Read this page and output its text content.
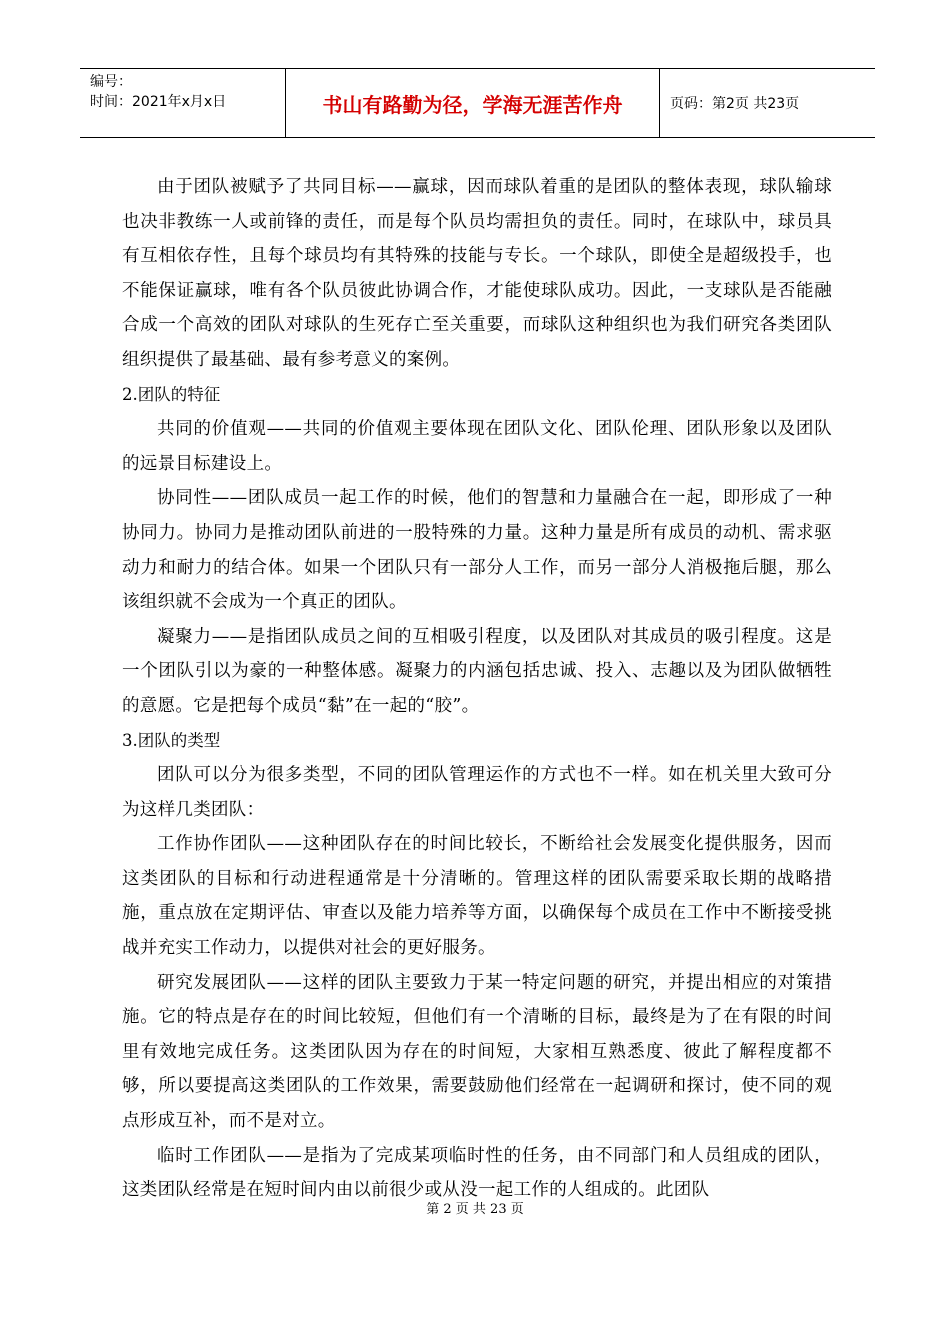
编号：
时间：2021年x月x日	书山有路勤为径，学海无涯苦作舟	页码：第2页 共23页

由于团队被赋予了共同目标——赢球，因而球队着重的是团队的整体表现，球队输球也决非教练一人或前锋的责任，而是每个队员均需担负的责任。同时，在球队中，球员具有互相依存性，且每个球员均有其特殊的技能与专长。一个球队，即使全是超级投手，也不能保证赢球，唯有各个队员彼此协调合作，才能使球队成功。因此，一支球队是否能融合成一个高效的团队对球队的生死存亡至关重要，而球队这种组织也为我们研究各类团队组织提供了最基础、最有参考意义的案例。

2.团队的特征

共同的价值观——共同的价值观主要体现在团队文化、团队伦理、团队形象以及团队的远景目标建设上。

协同性——团队成员一起工作的时候，他们的智慧和力量融合在一起，即形成了一种协同力。协同力是推动团队前进的一股特殊的力量。这种力量是所有成员的动机、需求驱动力和耐力的结合体。如果一个团队只有一部分人工作，而另一部分人消极拖后腿，那么该组织就不会成为一个真正的团队。

凝聚力——是指团队成员之间的互相吸引程度，以及团队对其成员的吸引程度。这是一个团队引以为豪的一种整体感。凝聚力的内涵包括忠诚、投入、志趣以及为团队做牺牲的意愿。它是把每个成员“黏”在一起的“胶”。

3.团队的类型

团队可以分为很多类型，不同的团队管理运作的方式也不一样。如在机关里大致可分为这样几类团队：

工作协作团队——这种团队存在的时间比较长，不断给社会发展变化提供服务，因而这类团队的目标和行动进程通常是十分清晰的。管理这样的团队需要采取长期的战略措施，重点放在定期评估、审查以及能力培养等方面，以确保每个成员在工作中不断接受挑战并充实工作动力，以提供对社会的更好服务。

研究发展团队——这样的团队主要致力于某一特定问题的研究，并提出相应的对策措施。它的特点是存在的时间比较短，但他们有一个清晰的目标，最终是为了在有限的时间里有效地完成任务。这类团队因为存在的时间短，大家相互熟悉度、彼此了解程度都不够，所以要提高这类团队的工作效果，需要鼓励他们经常在一起调研和探讨，使不同的观点形成互补，而不是对立。

临时工作团队——是指为了完成某项临时性的任务，由不同部门和人员组成的团队，这类团队经常是在短时间内由以前很少或从没一起工作的人组成的。此团队

第 2 页 共 23 页
